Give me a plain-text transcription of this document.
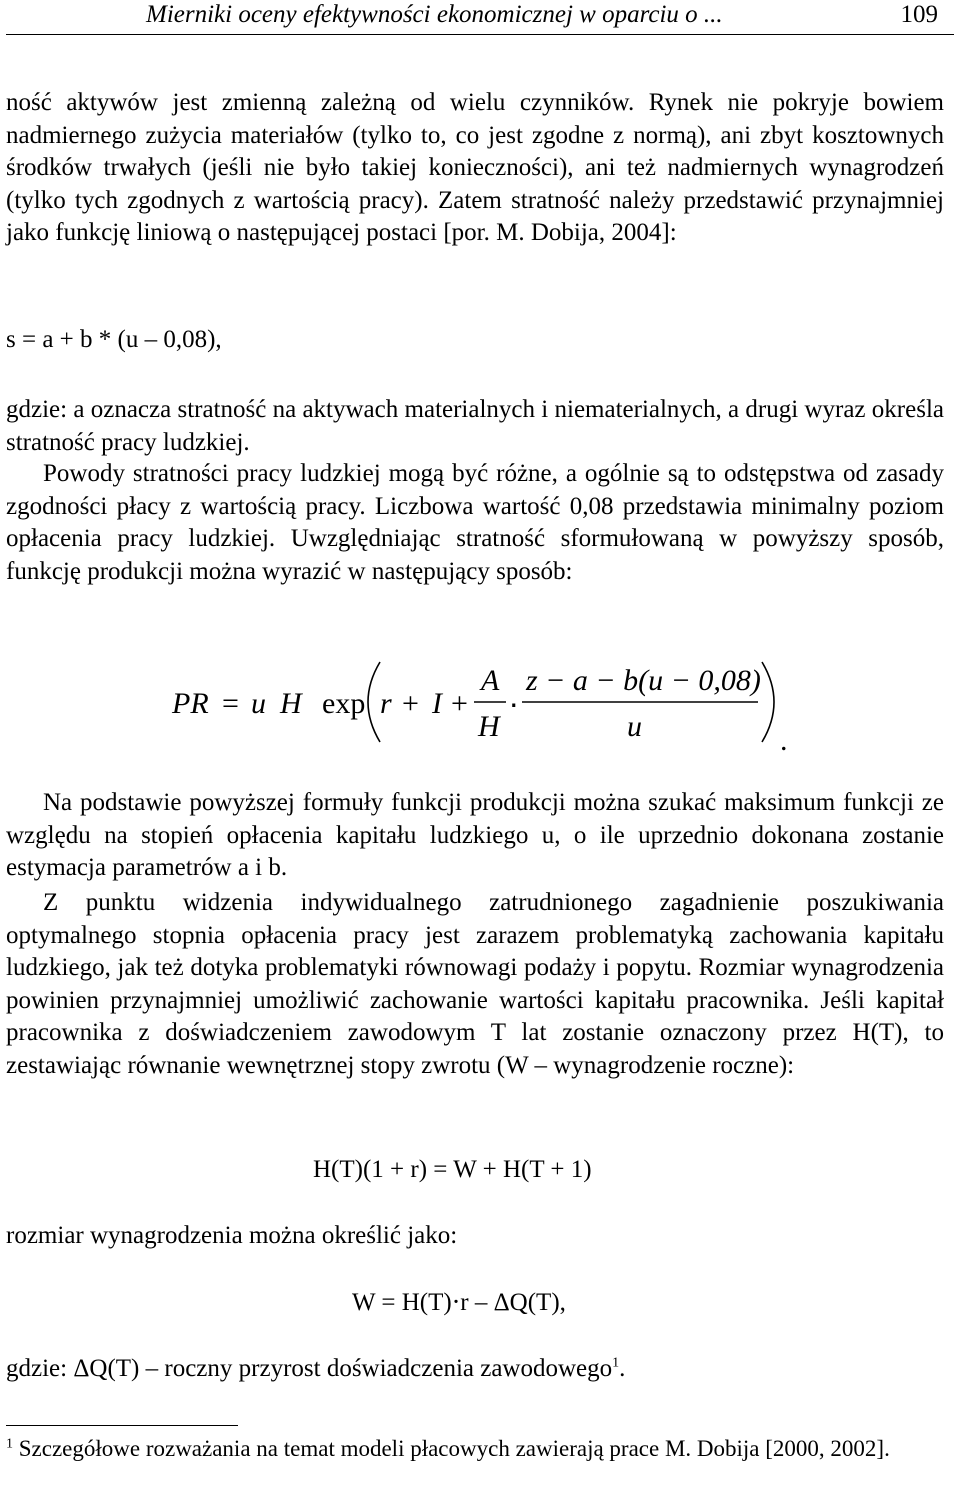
Mierniki oceny efektywności ekonomicznej w oparciu o ...	109
ność aktywów jest zmienną zależną od wielu czynników. Rynek nie pokryje bowiem nadmiernego zużycia materiałów (tylko to, co jest zgodne z normą), ani zbyt kosztownych środków trwałych (jeśli nie było takiej konieczności), ani też nadmiernych wynagrodzeń (tylko tych zgodnych z wartością pracy). Zatem stratność należy przedstawić przynajmniej jako funkcję liniową o następującej postaci [por. M. Dobija, 2004]:
s = a + b * (u – 0,08),
gdzie: a oznacza stratność na aktywach materialnych i niematerialnych, a drugi wyraz określa stratność pracy ludzkiej.
Powody stratności pracy ludzkiej mogą być różne, a ogólnie są to odstępstwa od zasady zgodności płacy z wartością pracy. Liczbowa wartość 0,08 przedstawia minimalny poziom opłacenia pracy ludzkiej. Uwzględniając stratność sformułowaną w powyższy sposób, funkcję produkcji można wyrazić w następujący sposób:
PR = u H exp r + I +
A
H
⋅
z − a − b(u − 0,08)
u	.
Na podstawie powyższej formuły funkcji produkcji można szukać maksimum funkcji ze względu na stopień opłacenia kapitału ludzkiego u, o ile uprzednio dokonana zostanie estymacja parametrów a i b.
Z punktu widzenia indywidualnego zatrudnionego zagadnienie poszukiwania optymalnego stopnia opłacenia pracy jest zarazem problematyką zachowania kapitału ludzkiego, jak też dotyka problematyki równowagi podaży i popytu. Rozmiar wynagrodzenia powinien przynajmniej umożliwić zachowanie wartości kapitału pracownika. Jeśli kapitał pracownika z doświadczeniem zawodowym T lat zostanie oznaczony przez H(T), to zestawiając równanie wewnętrznej stopy zwrotu (W – wynagrodzenie roczne):
H(T)(1 + r) = W + H(T + 1)
rozmiar wynagrodzenia można określić jako:
W = H(T)⋅r – ΔQ(T),
gdzie: ΔQ(T) – roczny przyrost doświadczenia zawodowego$^1$.
$^1$ Szczegółowe rozważania na temat modeli płacowych zawierają prace M. Dobija [2000, 2002].
